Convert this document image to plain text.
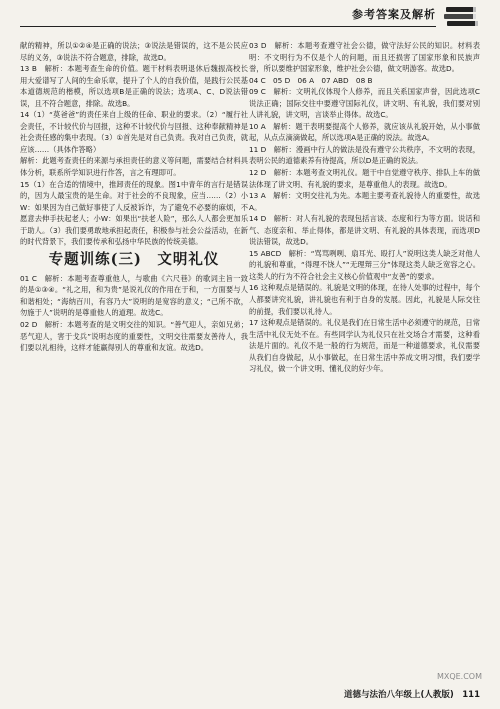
参考答案及解析

献的精神，所以①②④是正确的说法；③说法是错误的，这不是公民应尽的义务，③说法不符合题意，排除，故选D。

13 B　解析：本题考查生命的价值。题干材料表明退休后魏振高校长用大爱谱写了人间的生命乐章，提升了个人的自我价值，是践行公民基本道德规范的楷模，所以选项B是正确的说法；选项A、C、D说法错误，且不符合题意，排除。故选B。

14（1）“莫爸爸”的责任来自上级的任命、职业的要求。（2）“履行社会责任，不计较代价与回报，这种不计较代价与回报、这种奉献精神是社会责任感的集中表现。（3）①首先是对自己负责。我对自己负责，就应该……（具体作答略）

解析：此题考查责任的来源与承担责任的意义等问题，需要结合材料具体分析，联系所学知识进行作答，言之有理即可。

15（1）在合适的情境中，推卸责任的现象。图1中青年的言行是错误的，因为人最宝贵的是生命。对于社会的不良现象，应当……（2）小W：如果因为自己做好事使了人反被诉诈，为了避免不必要的麻烦，不愿意去伸手扶起老人；小W：如果出“扶老人险”，那么人人都会更加乐于助人。（3）我们要勇敢地承担起责任，积极参与社会公益活动，在新的时代背景下，我们要传承和弘扬中华民族的传统美德。

专题训练(三)　文明礼仪

01 C　解析：本题考查尊重他人，与歌曲《六尺巷》的歌词主旨一致的是①③④。“礼之用，和为贵”是说礼仪的作用在于和，一方面要与人和谐相处；“海纳百川，有容乃大”说明的是宽容的意义；“己所不欲，勿施于人”说明的是尊重他人的道理。故选C。

02 D　解析：本题考查的是文明交往的知识。“善气迎人，亲如兄弟；恶气迎人，害于戈兵”说明态度的重要性，文明交往需要友善待人，我们要以礼相待，这样才能赢得别人的尊重和友谊。故选D。

03 D　解析：本题考查遵守社会公德，做守法好公民的知识。材料表明：不文明行为不仅是个人的问题，而且还损害了国家形象和民族声誉，所以要维护国家形象，维护社会公德，做文明游客。故选D。

04 C　05 D　06 A　07 ABD　08 B

09 C　解析：文明礼仪体现个人修养，而且关系国家声誉，因此选项C说法正确；国际交往中要遵守国际礼仪，讲文明、有礼貌，我们要对别人讲礼貌，讲文明，言谈举止得体。故选C。

10 A　解析：题干表明要提高个人修养，就应该从礼貌开始，从小事做起，从点点滴滴做起，所以选项A是正确的说法。故选A。

11 D　解析：漫画中行人的做法是没有遵守公共秩序，不文明的表现，表明公民的道德素养有待提高，所以D是正确的说法。

12 D　解析：本题考查文明礼仪。题干中自觉遵守秩序、排队上车的做法体现了讲文明、有礼貌的要求，是尊重他人的表现。故选D。

13 A　解析：文明交往礼为先。本题主要考查礼貌待人的重要性，故选A。

14 D　解析：对人有礼貌的表现包括言谈、态度和行为等方面。说话和气、态度亲和、举止得体，都是讲文明、有礼貌的具体表现，而选项D说法错误，故选D。

15 ABCD　解析：“骂骂咧咧、扇耳光、殴打人”说明这类人缺乏对他人的礼貌和尊重，“得理不饶人”“无理辩三分”体现这类人缺乏宽容之心。这类人的行为不符合社会主义核心价值观中“友善”的要求。

16 这种观点是错误的。礼貌是文明的体现，在待人处事的过程中，每个人都要讲究礼貌，讲礼貌也有利于自身的发展。因此，礼貌是人际交往的前提，我们要以礼待人。

17 这种观点是错误的。礼仪是我们在日常生活中必须遵守的规范，日常生活中礼仪无处不在。有些同学认为礼仪只在社交场合才需要，这种看法是片面的。礼仪不是一般的行为规范，而是一种道德要求，礼仪需要从我们自身做起，从小事做起，在日常生活中养成文明习惯，我们要学习礼仪，做一个讲文明、懂礼仪的好少年。

MXQE.COM
道德与法治八年级上(人教版)　111
